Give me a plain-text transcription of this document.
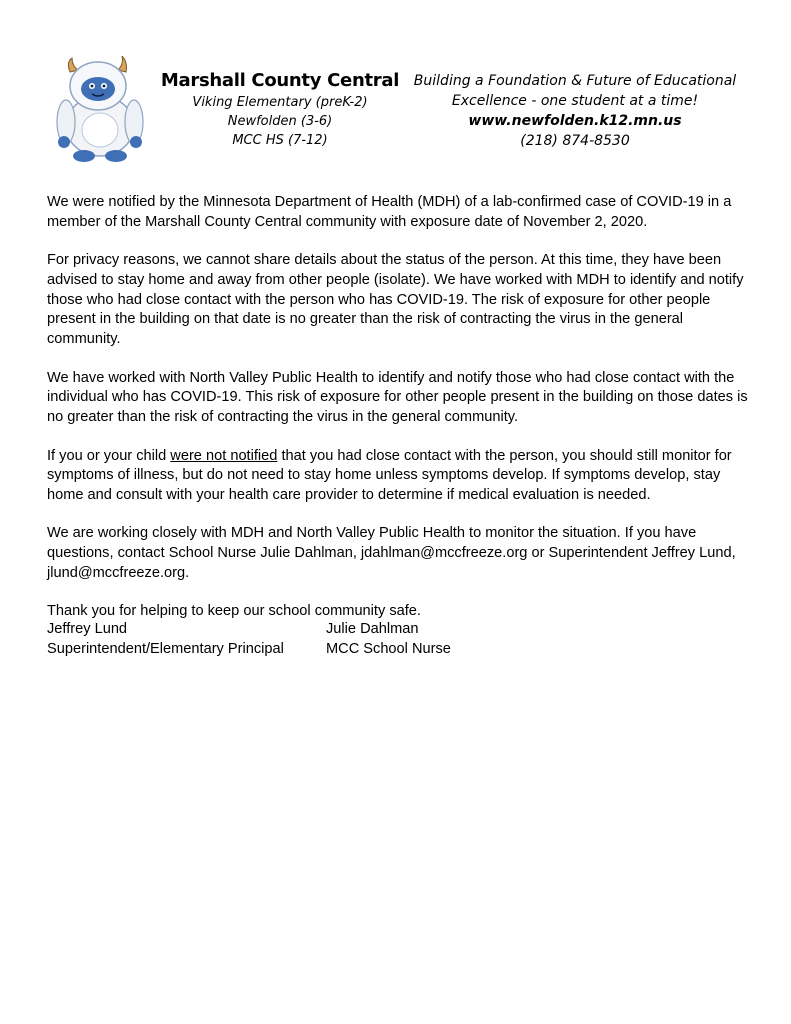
Marshall County Central
Viking Elementary (preK-2)
Newfolden (3-6)
MCC HS (7-12)
Building a Foundation & Future of Educational
Excellence - one student at a time!
www.newfolden.k12.mn.us
(218) 874-8530

We were notified by the Minnesota Department of Health (MDH) of a lab-confirmed case of COVID-19 in a member of the Marshall County Central community with exposure date of November 2, 2020.

For privacy reasons, we cannot share details about the status of the person. At this time, they have been advised to stay home and away from other people (isolate). We have worked with MDH to identify and notify those who had close contact with the person who has COVID-19. The risk of exposure for other people present in the building on that date is no greater than the risk of contracting the virus in the general community.

We have worked with North Valley Public Health to identify and notify those who had close contact with the individual who has COVID-19. This risk of exposure for other people present in the building on those dates is no greater than the risk of contracting the virus in the general community.

If you or your child were not notified that you had close contact with the person, you should still monitor for symptoms of illness, but do not need to stay home unless symptoms develop. If symptoms develop, stay home and consult with your health care provider to determine if medical evaluation is needed.

We are working closely with MDH and North Valley Public Health to monitor the situation. If you have questions, contact School Nurse Julie Dahlman, jdahlman@mccfreeze.org or Superintendent Jeffrey Lund, jlund@mccfreeze.org.

Thank you for helping to keep our school community safe.

Jeffrey Lund
Superintendent/Elementary Principal
Julie Dahlman
MCC School Nurse
